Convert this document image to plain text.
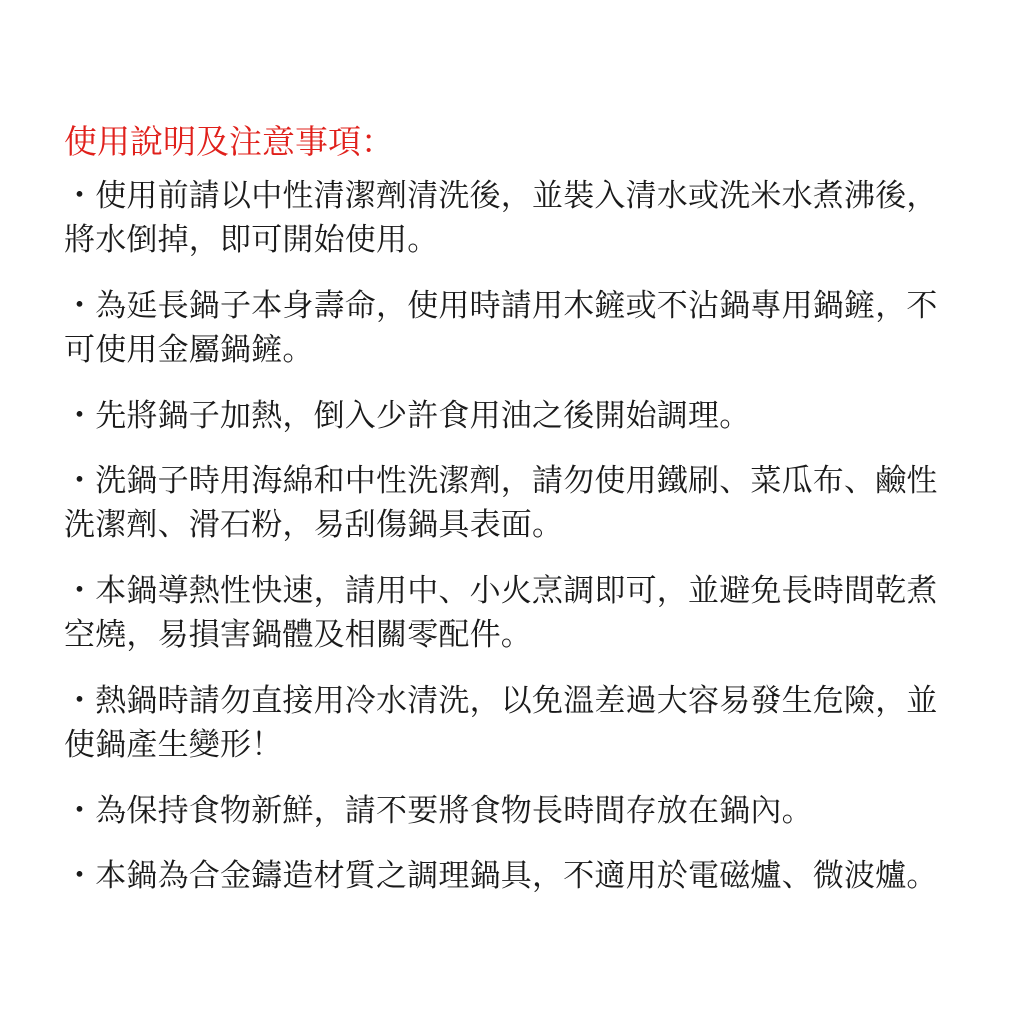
使用說明及注意事項：
・使用前請以中性清潔劑清洗後，並裝入清水或洗米水煮沸後，
將水倒掉，即可開始使用。
・為延長鍋子本身壽命，使用時請用木鏟或不沾鍋專用鍋鏟，不
可使用金屬鍋鏟。
・先將鍋子加熱，倒入少許食用油之後開始調理。
・洗鍋子時用海綿和中性洗潔劑，請勿使用鐵刷、菜瓜布、鹼性
洗潔劑、滑石粉，易刮傷鍋具表面。
・本鍋導熱性快速，請用中、小火烹調即可，並避免長時間乾煮
空燒，易損害鍋體及相關零配件。
・熱鍋時請勿直接用冷水清洗，以免溫差過大容易發生危險，並
使鍋產生變形！
・為保持食物新鮮，請不要將食物長時間存放在鍋內。
・本鍋為合金鑄造材質之調理鍋具，不適用於電磁爐、微波爐。
